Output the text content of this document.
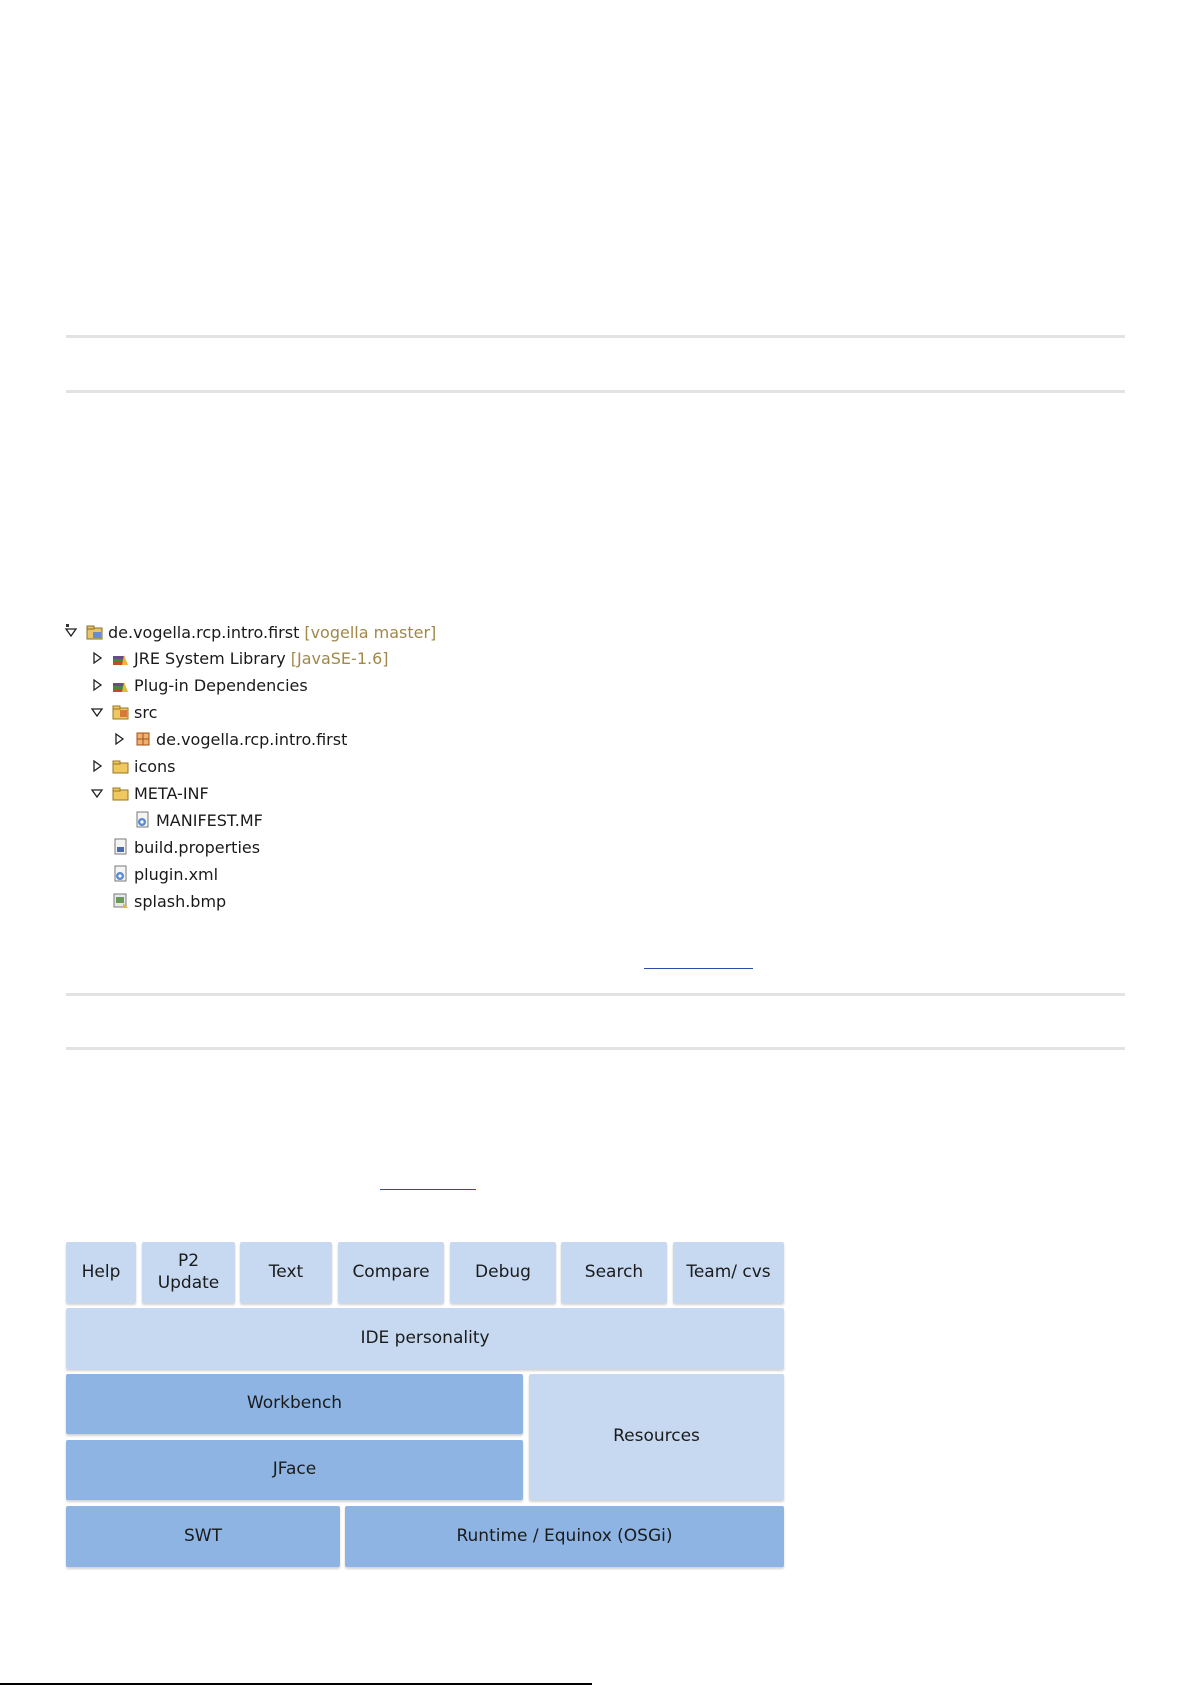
de.vogella.rcp.intro.first [vogella master]
JRE System Library [JavaSE-1.6]
Plug-in Dependencies
src
de.vogella.rcp.intro.first
icons
META-INF
MANIFEST.MF
build.properties
plugin.xml
splash.bmp
Help
P2 Update
Text	Compare	Debug	Search	Team/ cvs
IDE personality
Workbench
JFace
Resources
SWT	Runtime / Equinox (OSGi)
